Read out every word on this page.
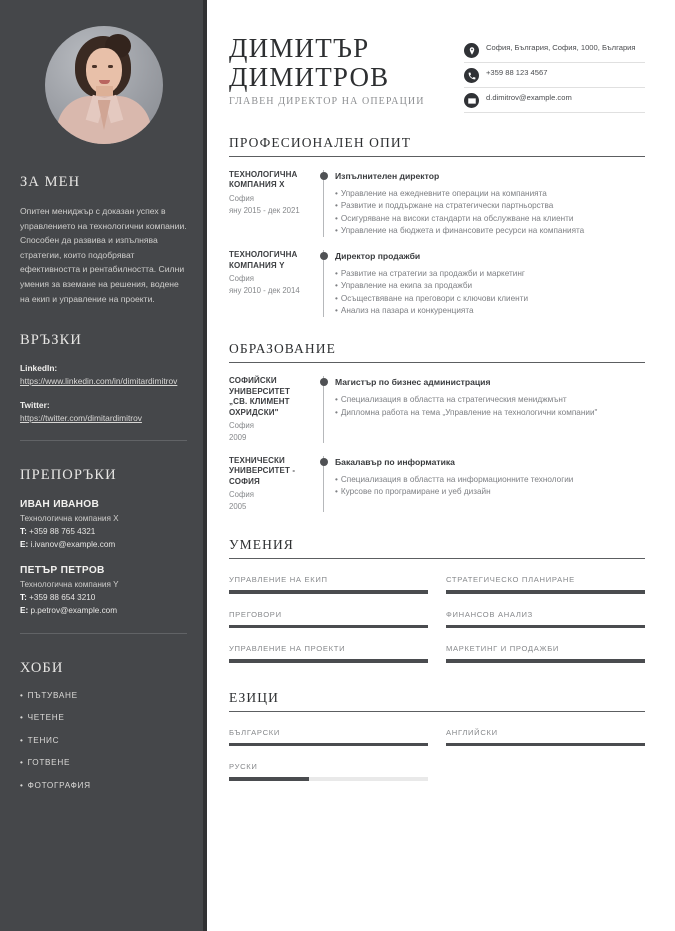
ЗА МЕН

Опитен мениджър с доказан успех в управлението на технологични компании. Способен да развива и изпълнява стратегии, които подобряват ефективността и рентабилността. Силни умения за вземане на решения, водене на екип и управление на проекти.

ВРЪЗКИ
LinkedIn:
https://www.linkedin.com/in/dimitardimitrov
Twitter:
https://twitter.com/dimitardimitrov
ПРЕПОРЪКИ
ИВАН ИВАНОВ
Технологична компания X
T: +359 88 765 4321
E: i.ivanov@example.com
ПЕТЪР ПЕТРОВ
Технологична компания Y
T: +359 88 654 3210
E: p.petrov@example.com
ХОБИ
• ПЪТУВАНЕ
• ЧЕТЕНЕ
• ТЕНИС
• ГОТВЕНЕ
• ФОТОГРАФИЯ
ДИМИТЪР
ДИМИТРОВ
ГЛАВЕН ДИРЕКТОР НА ОПЕРАЦИИ
София, България, София, 1000, България
+359 88 123 4567
d.dimitrov@example.com
ПРОФЕСИОНАЛЕН ОПИТ
ТЕХНОЛОГИЧНА КОМПАНИЯ X
София
яну 2015 - дек 2021
Изпълнителен директор
• Управление на ежедневните операции на компанията
• Развитие и поддържане на стратегически партньорства
• Осигуряване на високи стандарти на обслужване на клиенти
• Управление на бюджета и финансовите ресурси на компанията
ТЕХНОЛОГИЧНА КОМПАНИЯ Y
София
яну 2010 - дек 2014
Директор продажби
• Развитие на стратегии за продажби и маркетинг
• Управление на екипа за продажби
• Осъществяване на преговори с ключови клиенти
• Анализ на пазара и конкуренцията
ОБРАЗОВАНИЕ
СОФИЙСКИ УНИВЕРСИТЕТ „СВ. КЛИМЕНТ ОХРИДСКИ"
София
2009
Магистър по бизнес администрация
• Специализация в областта на стратегическия мениджмънт
• Дипломна работа на тема „Управление на технологични компании"
ТЕХНИЧЕСКИ УНИВЕРСИТЕТ - СОФИЯ
София
2005
Бакалавър по информатика
• Специализация в областта на информационните технологии
• Курсове по програмиране и уеб дизайн
УМЕНИЯ
УПРАВЛЕНИЕ НА ЕКИП	СТРАТЕГИЧЕСКО ПЛАНИРАНЕ
ПРЕГОВОРИ	ФИНАНСОВ АНАЛИЗ
УПРАВЛЕНИЕ НА ПРОЕКТИ	МАРКЕТИНГ И ПРОДАЖБИ
ЕЗИЦИ
БЪЛГАРСКИ	АНГЛИЙСКИ
РУСКИ
